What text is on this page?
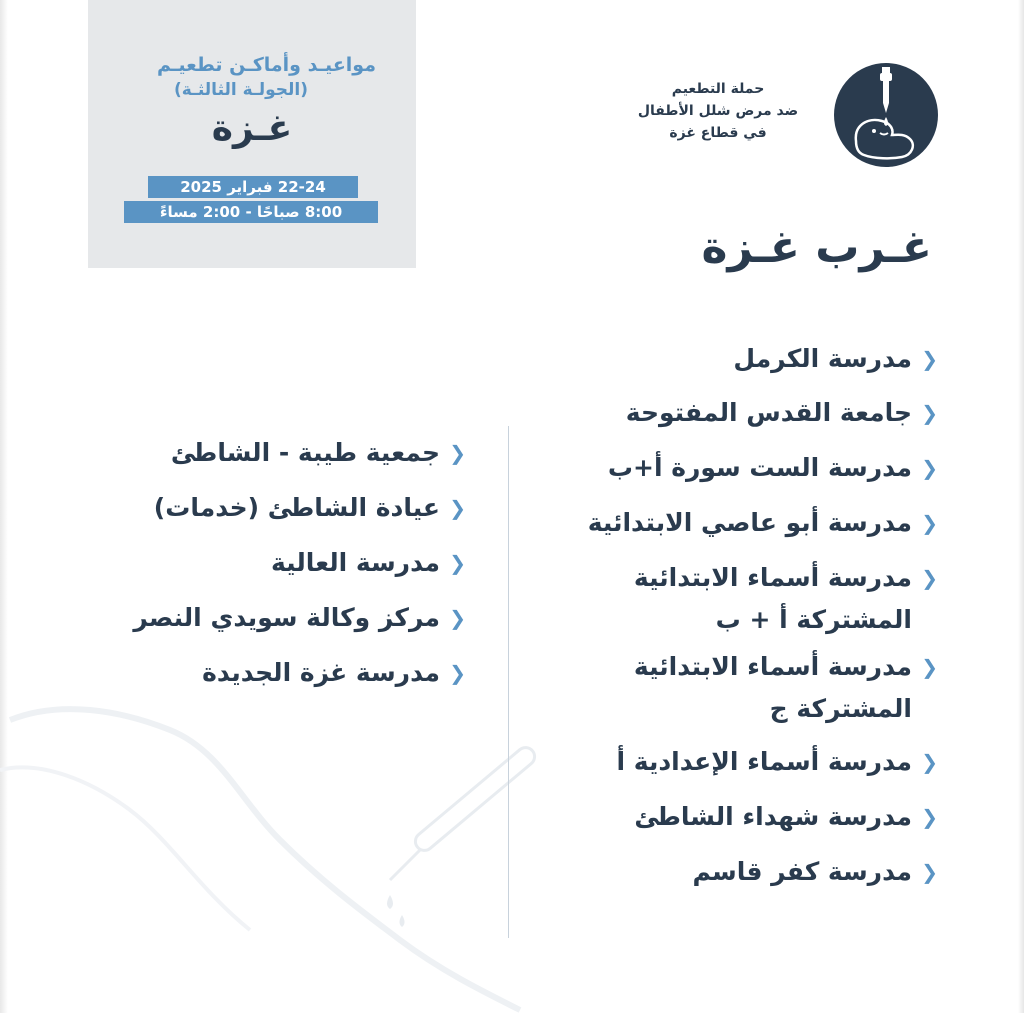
مواعيـد وأماكـن تطعيـم
(الجولـة الثالثـة)
غـزة
22-24 فبراير 2025
8:00 صباحًا - 2:00 مساءً
حملة التطعيم
ضد مرض شلل الأطفال
في قطاع غزة
غـرب غـزة
❮
مدرسة الكرمل
❮
جامعة القدس المفتوحة
❮
مدرسة الست سورة أ+ب
❮
مدرسة أبو عاصي الابتدائية
❮
مدرسة أسماء الابتدائية المشتركة أ + ب
❮
مدرسة أسماء الابتدائية المشتركة ج
❮
مدرسة أسماء الإعدادية أ
❮
مدرسة شهداء الشاطئ
❮
مدرسة كفر قاسم
❮
جمعية طيبة - الشاطئ
❮
عيادة الشاطئ (خدمات)
❮
مدرسة العالية
❮
مركز وكالة سويدي النصر
❮
مدرسة غزة الجديدة
